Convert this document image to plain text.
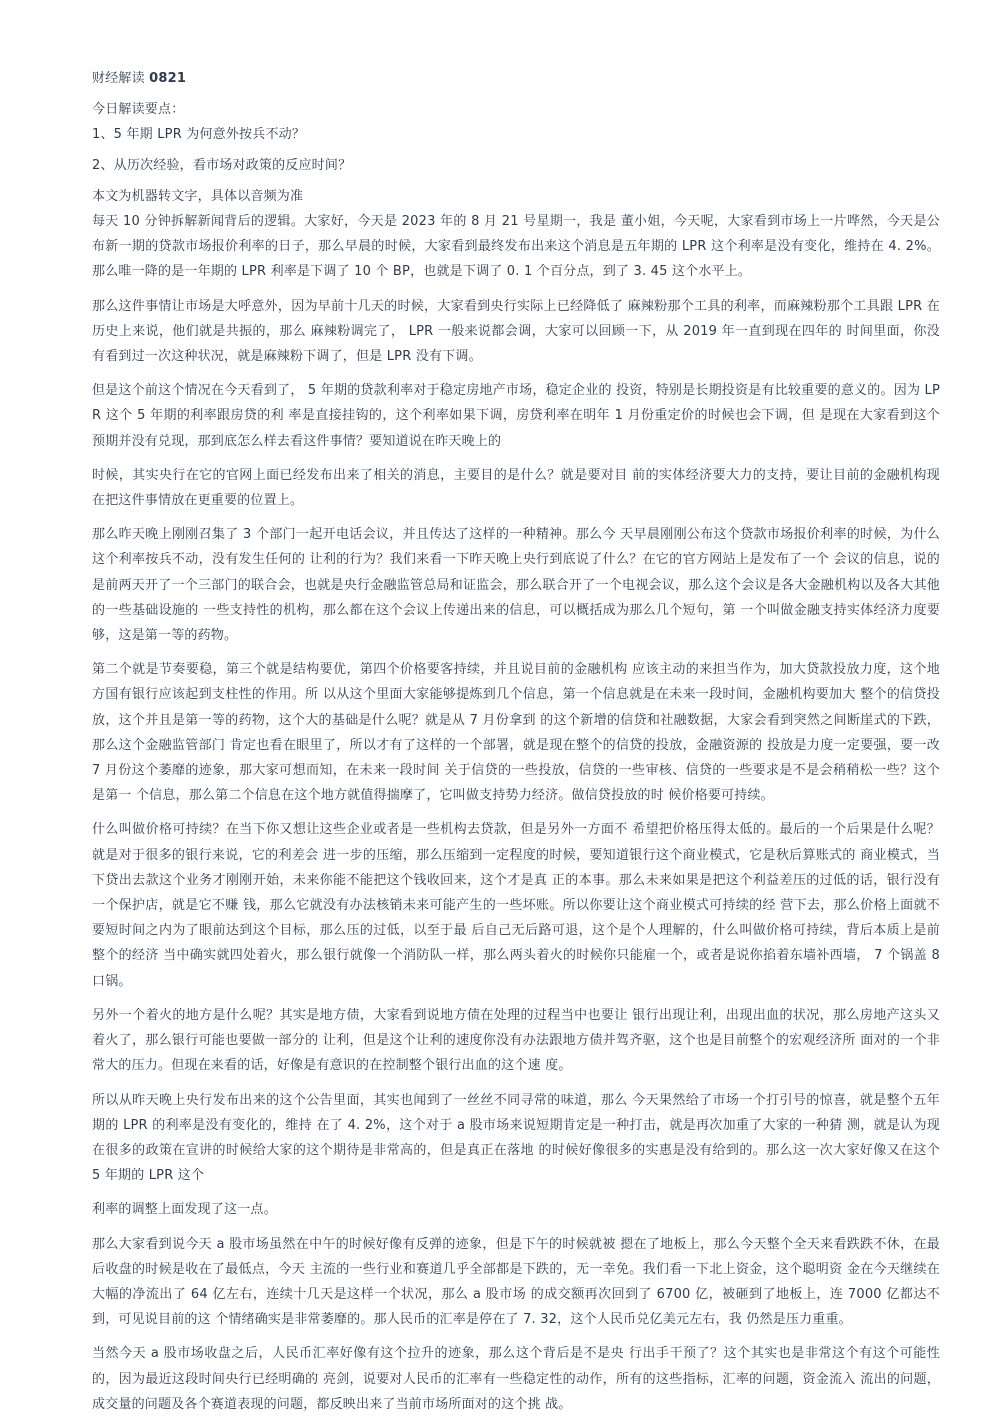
财经解读 0821
今日解读要点：
1、5 年期 LPR 为何意外按兵不动？
2、从历次经验，看市场对政策的反应时间？
本文为机器转文字，具体以音频为准

每天 10 分钟拆解新闻背后的逻辑。大家好，今天是 2023 年的 8 月 21 号星期一，我是 董小姐，今天呢，大家看到市场上一片哗然，今天是公布新一期的贷款市场报价利率的日子，那么早晨的时候，大家看到最终发布出来这个消息是五年期的 LPR 这个利率是没有变化，维持在 4. 2%。那么唯一降的是一年期的 LPR 利率是下调了 10 个 BP，也就是下调了 0. 1 个百分点，到了 3. 45 这个水平上。

那么这件事情让市场是大呼意外，因为早前十几天的时候，大家看到央行实际上已经降低了 麻辣粉那个工具的利率，而麻辣粉那个工具跟 LPR 在历史上来说，他们就是共振的，那么 麻辣粉调完了， LPR 一般来说都会调，大家可以回顾一下，从 2019 年一直到现在四年的 时间里面，你没有看到过一次这种状况，就是麻辣粉下调了，但是 LPR 没有下调。

但是这个前这个情况在今天看到了， 5 年期的贷款利率对于稳定房地产市场，稳定企业的 投资，特别是长期投资是有比较重要的意义的。因为 LPR 这个 5 年期的利率跟房贷的利 率是直接挂钩的，这个利率如果下调，房贷利率在明年 1 月份重定价的时候也会下调，但 是现在大家看到这个预期并没有兑现，那到底怎么样去看这件事情？要知道说在昨天晚上的

时候，其实央行在它的官网上面已经发布出来了相关的消息，主要目的是什么？就是要对目 前的实体经济要大力的支持，要让目前的金融机构现在把这件事情放在更重要的位置上。

那么昨天晚上刚刚召集了 3 个部门一起开电话会议，并且传达了这样的一种精神。那么今 天早晨刚刚公布这个贷款市场报价利率的时候，为什么这个利率按兵不动，没有发生任何的 让利的行为？我们来看一下昨天晚上央行到底说了什么？在它的官方网站上是发布了一个 会议的信息，说的是前两天开了一个三部门的联合会，也就是央行金融监管总局和证监会，那么联合开了一个电视会议，那么这个会议是各大金融机构以及各大其他的一些基础设施的 一些支持性的机构，那么都在这个会议上传递出来的信息，可以概括成为那么几个短句，第 一个叫做金融支持实体经济力度要够，这是第一等的药物。

第二个就是节奏要稳，第三个就是结构要优，第四个价格要客持续，并且说目前的金融机构 应该主动的来担当作为，加大贷款投放力度，这个地方国有银行应该起到支柱性的作用。所 以从这个里面大家能够提炼到几个信息，第一个信息就是在未来一段时间，金融机构要加大 整个的信贷投放，这个并且是第一等的药物，这个大的基础是什么呢？就是从 7 月份拿到 的这个新增的信贷和社融数据，大家会看到突然之间断崖式的下跌，那么这个金融监管部门 肯定也看在眼里了，所以才有了这样的一个部署，就是现在整个的信贷的投放，金融资源的 投放是力度一定要强，要一改 7 月份这个萎靡的迹象，那大家可想而知，在未来一段时间 关于信贷的一些投放，信贷的一些审核、信贷的一些要求是不是会稍稍松一些？这个是第一 个信息，那么第二个信息在这个地方就值得揣摩了，它叫做支持势力经济。做信贷投放的时 候价格要可持续。

什么叫做价格可持续？在当下你又想让这些企业或者是一些机构去贷款，但是另外一方面不 希望把价格压得太低的。最后的一个后果是什么呢？就是对于很多的银行来说，它的利差会 进一步的压缩，那么压缩到一定程度的时候，要知道银行这个商业模式，它是秋后算账式的 商业模式，当下贷出去款这个业务才刚刚开始，未来你能不能把这个钱收回来，这个才是真 正的本事。那么未来如果是把这个利益差压的过低的话，银行没有一个保护店，就是它不赚 钱，那么它就没有办法核销未来可能产生的一些坏账。所以你要让这个商业模式可持续的经 营下去，那么价格上面就不要短时间之内为了眼前达到这个目标，那么压的过低，以至于最 后自己无后路可退，这个是个人理解的，什么叫做价格可持续，背后本质上是前整个的经济 当中确实就四处着火，那么银行就像一个消防队一样，那么两头着火的时候你只能雇一个，或者是说你掐着东墙补西墙， 7 个锅盖 8 口锅。

另外一个着火的地方是什么呢？其实是地方债，大家看到说地方债在处理的过程当中也要让 银行出现让利，出现出血的状况，那么房地产这头又着火了，那么银行可能也要做一部分的 让利，但是这个让利的速度你没有办法跟地方债并驾齐驱，这个也是目前整个的宏观经济所 面对的一个非常大的压力。但现在来看的话，好像是有意识的在控制整个银行出血的这个速 度。

所以从昨天晚上央行发布出来的这个公告里面，其实也闻到了一丝丝不同寻常的味道，那么 今天果然给了市场一个打引号的惊喜，就是整个五年期的 LPR 的利率是没有变化的，维持 在了 4. 2%，这个对于 a 股市场来说短期肯定是一种打击，就是再次加重了大家的一种猜 测，就是认为现在很多的政策在宣讲的时候给大家的这个期待是非常高的，但是真正在落地 的时候好像很多的实惠是没有给到的。那么这一次大家好像又在这个 5 年期的 LPR 这个

利率的调整上面发现了这一点。

那么大家看到说今天 a 股市场虽然在中午的时候好像有反弹的迹象，但是下午的时候就被 摁在了地板上，那么今天整个全天来看跌跌不休，在最后收盘的时候是收在了最低点，今天 主流的一些行业和赛道几乎全部都是下跌的，无一幸免。我们看一下北上资金，这个聪明资 金在今天继续在大幅的净流出了 64 亿左右，连续十几天是这样一个状况，那么 a 股市场 的成交额再次回到了 6700 亿，被砸到了地板上，连 7000 亿都达不到，可见说目前的这 个情绪确实是非常萎靡的。那人民币的汇率是停在了 7. 32，这个人民币兑亿美元左右，我 仍然是压力重重。

当然今天 a 股市场收盘之后，人民币汇率好像有这个拉升的迹象，那么这个背后是不是央 行出手干预了？这个其实也是非常这个有这个可能性的，因为最近这段时间央行已经明确的 亮剑，说要对人民币的汇率有一些稳定性的动作，所有的这些指标，汇率的问题，资金流入 流出的问题，成交量的问题及各个赛道表现的问题，都反映出来了当前市场所面对的这个挑 战。
